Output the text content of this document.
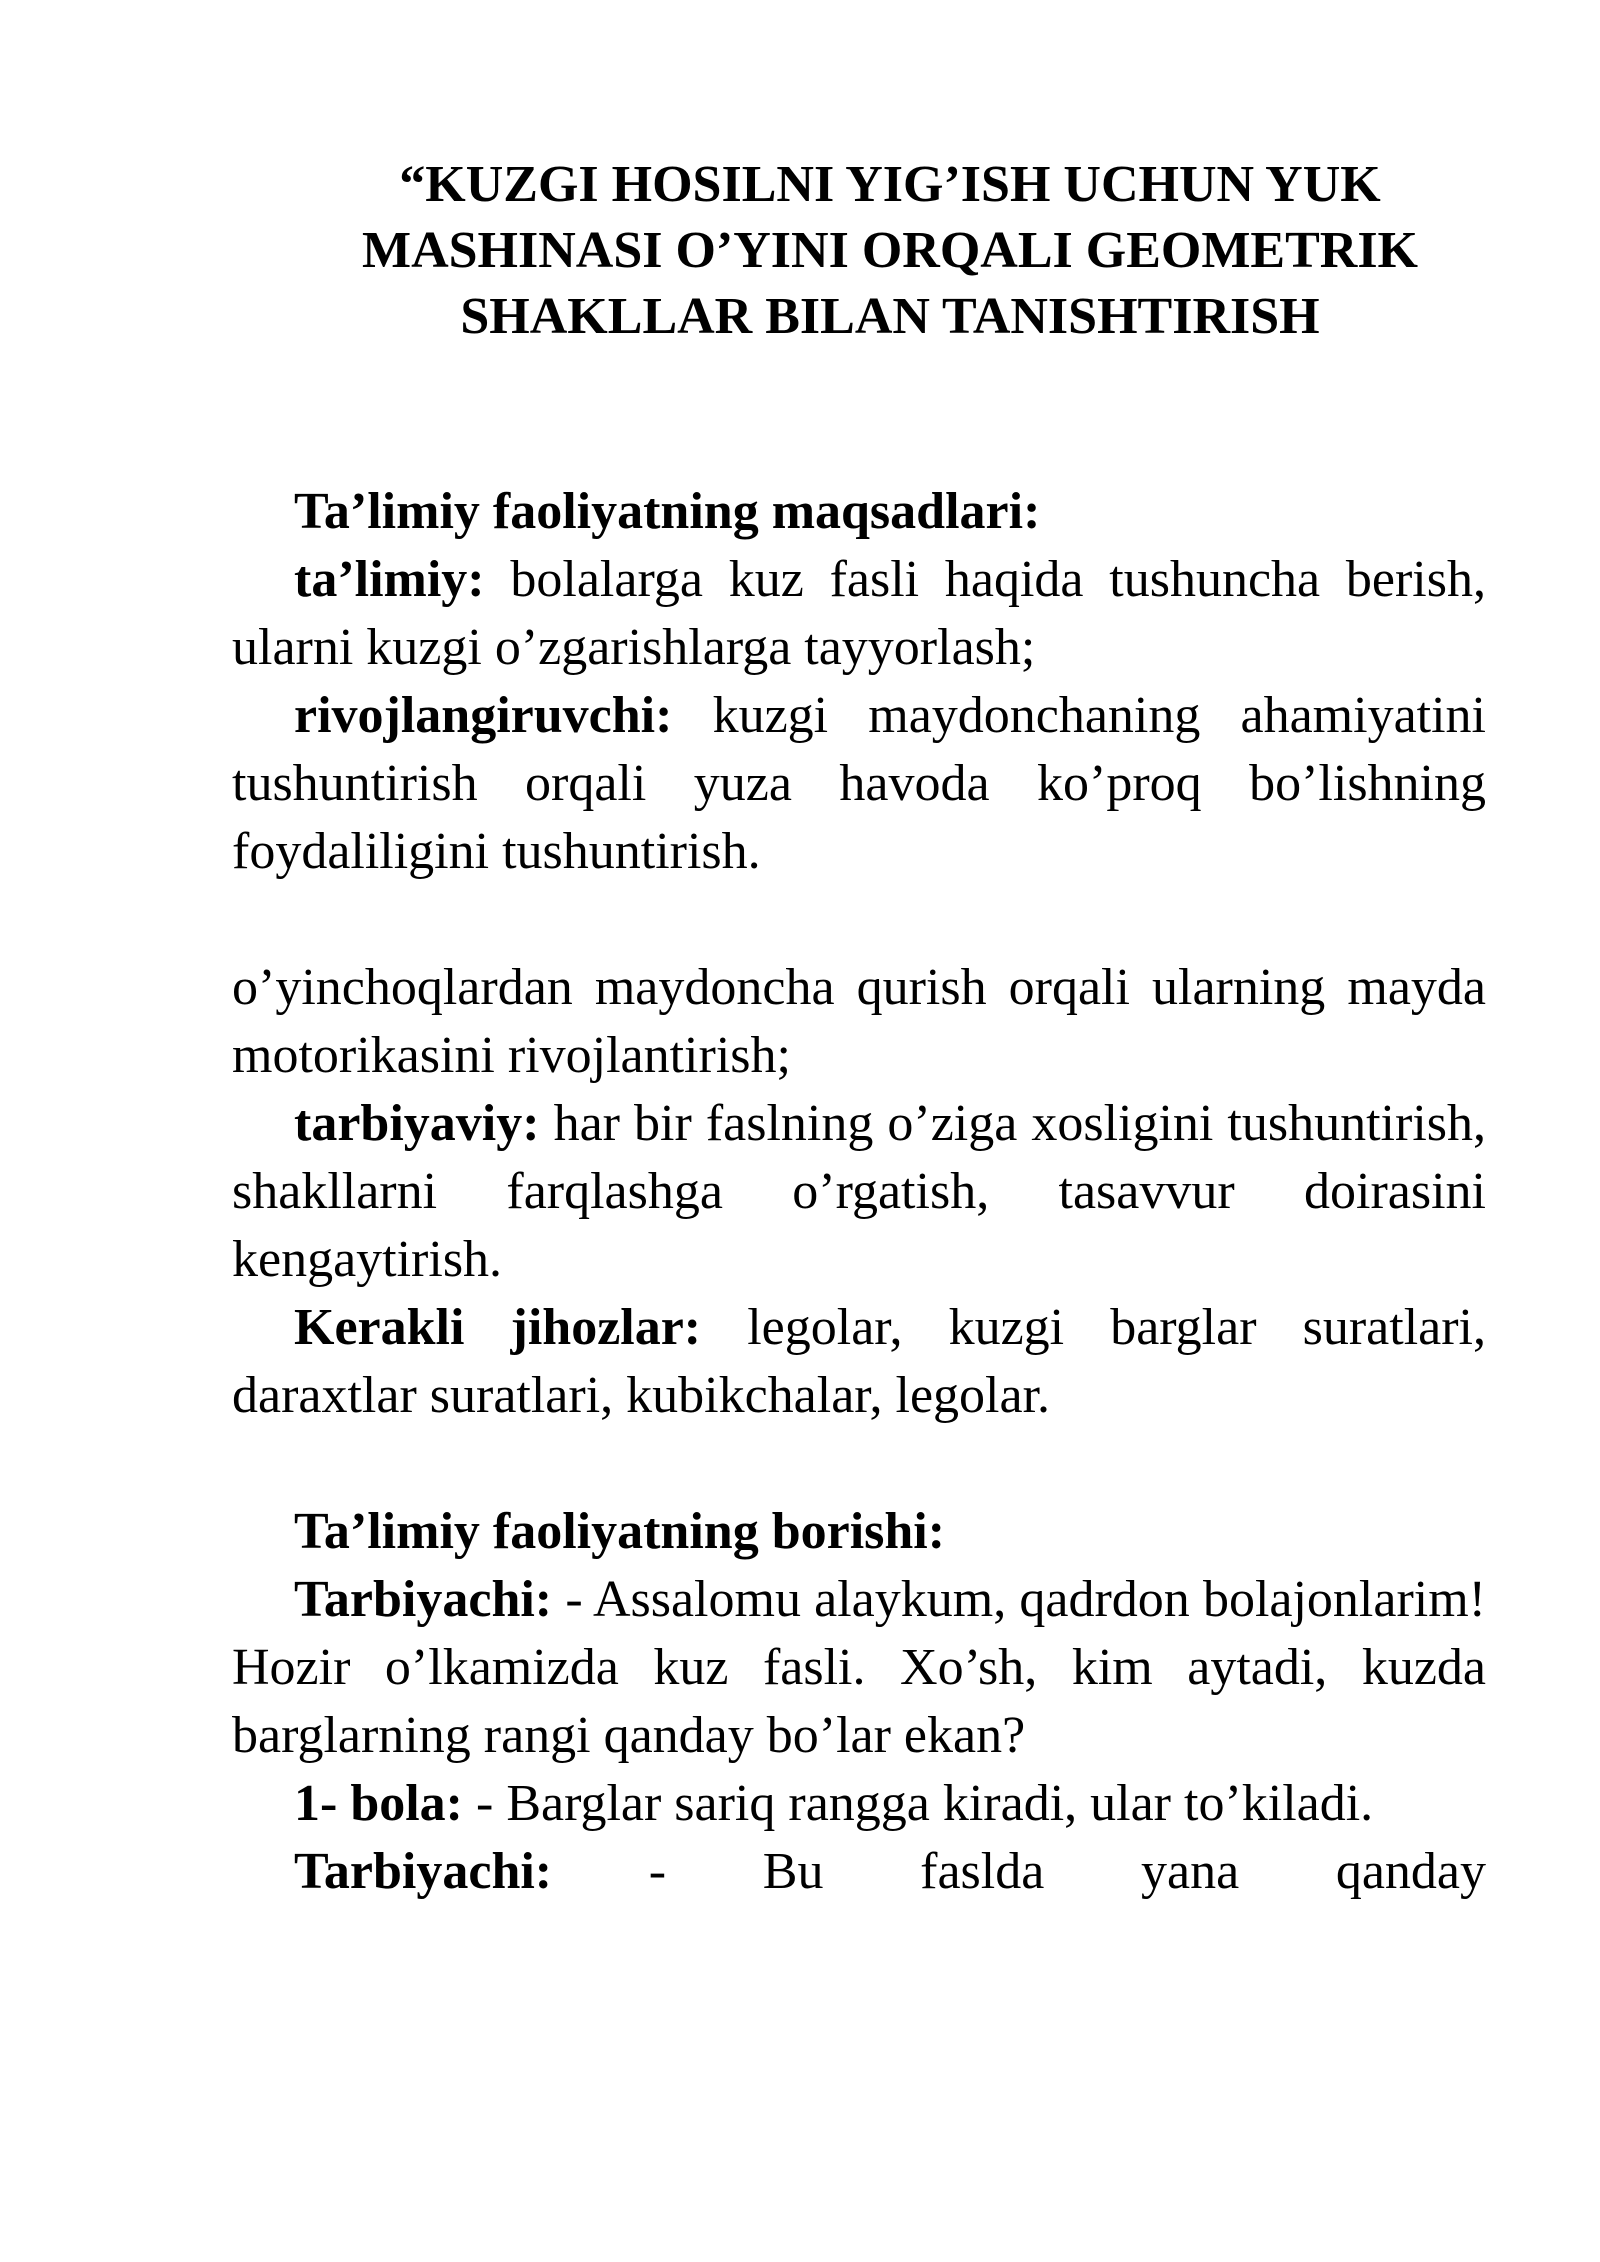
“KUZGI HOSILNI YIG’ISH UCHUN YUK MASHINASI O’YINI ORQALI GEOMETRIK SHAKLLAR BILAN TANISHTIRISH

Ta’limiy faoliyatning maqsadlari:

ta’limiy: bolalarga kuz fasli haqida tushuncha berish, ularni kuzgi o’zgarishlarga tayyorlash;

rivojlangiruvchi: kuzgi maydonchaning ahamiyatini tushuntirish orqali yuza havoda ko’proq bo’lishning foydaliligini tushuntirish.

o’yinchoqlardan maydoncha qurish orqali ularning mayda motorikasini rivojlantirish;

tarbiyaviy: har bir faslning o’ziga xosligini tushuntirish, shakllarni farqlashga o’rgatish, tasavvur doirasini kengaytirish.

Kerakli jihozlar: legolar, kuzgi barglar suratlari, daraxtlar suratlari, kubikchalar, legolar.

Ta’limiy faoliyatning borishi:

Tarbiyachi: - Assalomu alaykum, qadrdon bolajonlarim! Hozir o’lkamizda kuz fasli. Xo’sh, kim aytadi, kuzda barglarning rangi qanday bo’lar ekan?

1- bola: - Barglar sariq rangga kiradi, ular to’kiladi.

Tarbiyachi: - Bu faslda yana qanday
